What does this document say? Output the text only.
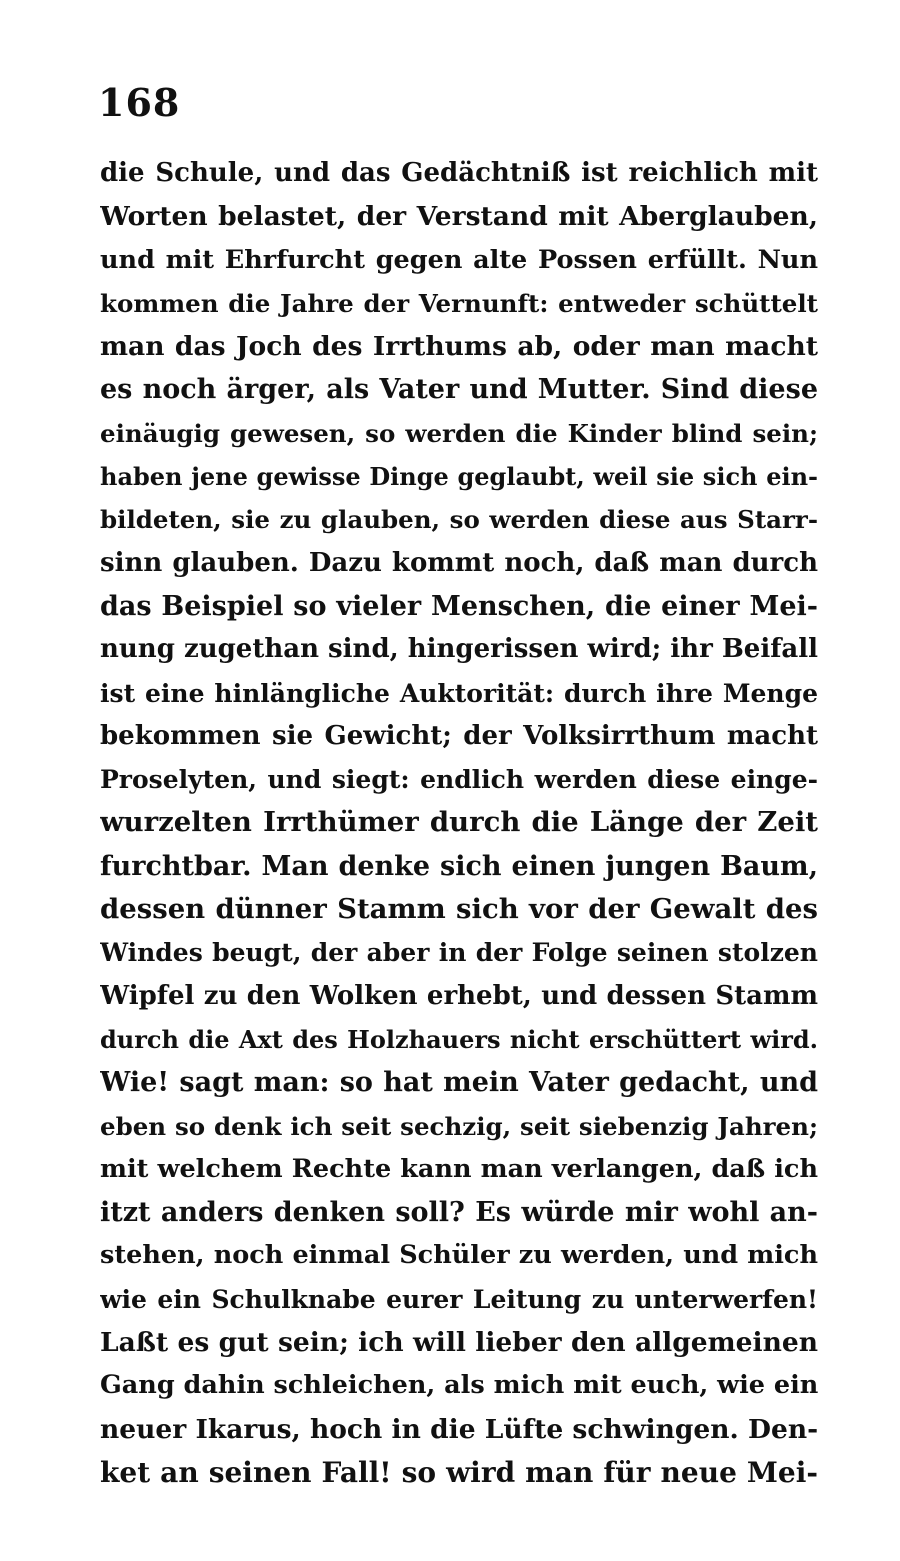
168
die Schule, und das Gedächtniß ist reichlich mit
Worten belastet, der Verstand mit Aberglauben,
und mit Ehrfurcht gegen alte Possen erfüllt. Nun
kommen die Jahre der Vernunft: entweder schüttelt
man das Joch des Irrthums ab, oder man macht
es noch ärger, als Vater und Mutter. Sind diese
einäugig gewesen, so werden die Kinder blind sein;
haben jene gewisse Dinge geglaubt, weil sie sich ein-
bildeten, sie zu glauben, so werden diese aus Starr-
sinn glauben. Dazu kommt noch, daß man durch
das Beispiel so vieler Menschen, die einer Mei-
nung zugethan sind, hingerissen wird; ihr Beifall
ist eine hinlängliche Auktorität: durch ihre Menge
bekommen sie Gewicht; der Volksirrthum macht
Proselyten, und siegt: endlich werden diese einge-
wurzelten Irrthümer durch die Länge der Zeit
furchtbar. Man denke sich einen jungen Baum,
dessen dünner Stamm sich vor der Gewalt des
Windes beugt, der aber in der Folge seinen stolzen
Wipfel zu den Wolken erhebt, und dessen Stamm
durch die Axt des Holzhauers nicht erschüttert wird.
Wie! sagt man: so hat mein Vater gedacht, und
eben so denk ich seit sechzig, seit siebenzig Jahren;
mit welchem Rechte kann man verlangen, daß ich
itzt anders denken soll? Es würde mir wohl an-
stehen, noch einmal Schüler zu werden, und mich
wie ein Schulknabe eurer Leitung zu unterwerfen!
Laßt es gut sein; ich will lieber den allgemeinen
Gang dahin schleichen, als mich mit euch, wie ein
neuer Ikarus, hoch in die Lüfte schwingen. Den-
ket an seinen Fall! so wird man für neue Mei-
